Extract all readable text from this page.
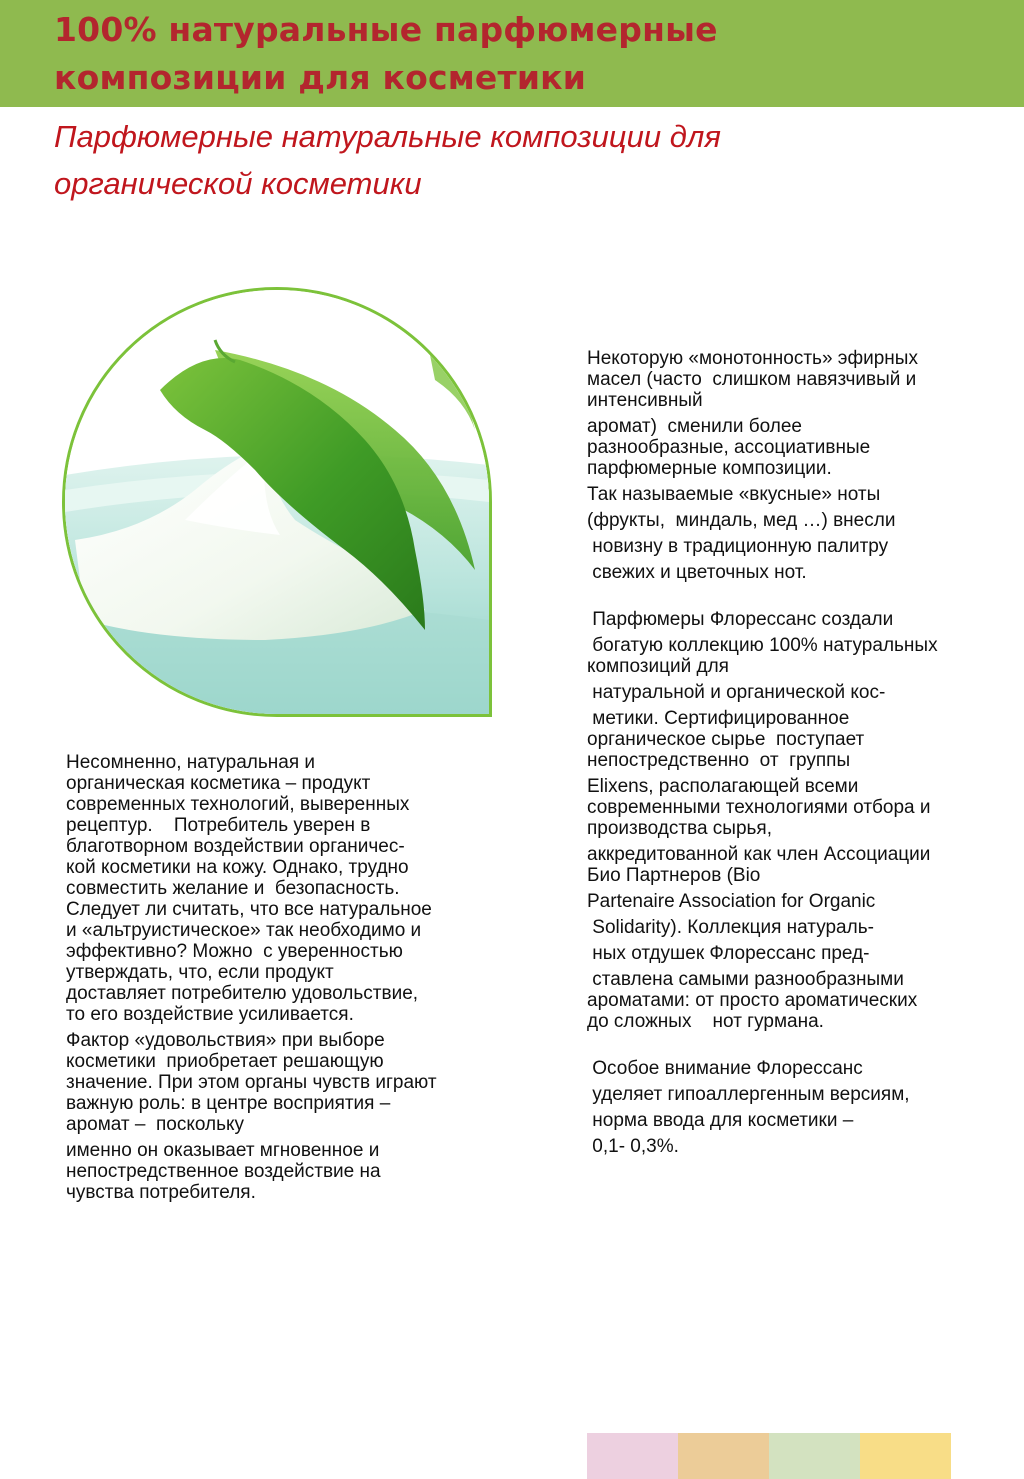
100% натуральные парфюмерные
композиции для косметики
Парфюмерные натуральные композиции для
органической косметики
Несомненно, натуральная и
органическая косметика – продукт
современных технологий, выверенных
рецептур.    Потребитель уверен в
благотворном воздействии органичес-
кой косметики на кожу. Однако, трудно
совместить желание и  безопасность.
Следует ли считать, что все натуральное
и «альтруистическое» так необходимо и
эффективно? Можно  с уверенностью
утверждать, что, если продукт
доставляет потребителю удовольствие,
то его воздействие усиливается.
Фактор «удовольствия» при выборе
косметики  приобретает решающую
значение. При этом органы чувств играют
важную роль: в центре восприятия –
аромат –  поскольку
именно он оказывает мгновенное и
непостредственное воздействие на
чувства потребителя.
Некоторую «монотонность» эфирных
масел (часто  слишком навязчивый и
интенсивный
аромат)  сменили более
разнообразные, ассоциативные
парфюмерные композиции.
Так называемые «вкусные» ноты
(фрукты,  миндаль, мед …) внесли
новизну в традиционную палитру
свежих и цветочных нот.
Парфюмеры Флорессанс создали
богатую коллекцию 100% натуральных
композиций для
натуральной и органической кос-
метики. Сертифицированное
органическое сырье  поступает
непостредственно  от  группы
Elixens, располагающей всеми
современными технологиями отбора и
производства сырья,
аккредитованной как член Ассоциации
Био Партнеров (Bio
Partenaire Association for Organic
Solidarity). Коллекция натураль-
ных отдушек Флорессанс пред-
ставлена самыми разнообразными
ароматами: от просто ароматических
до сложных    нот гурмана.
Особое внимание Флорессанс
уделяет гипоаллергенным версиям,
норма ввода для косметики –
0,1- 0,3%.
